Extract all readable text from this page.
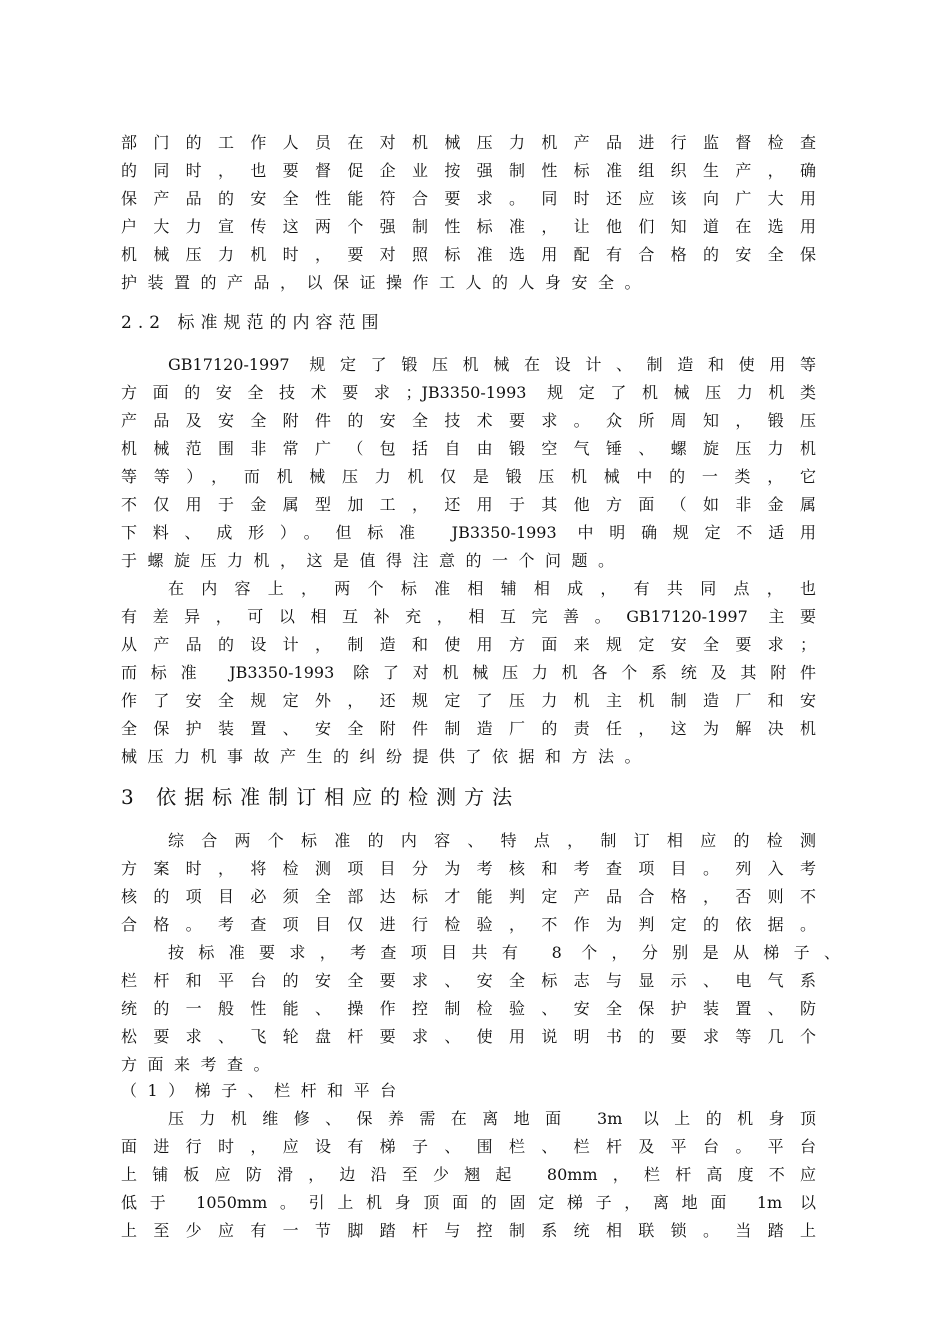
部门的工作人员在对机械压力机产品进行监督检查
的同时，也要督促企业按强制性标准组织生产，确
保产品的安全性能符合要求。同时还应该向广大用
户大力宣传这两个强制性标准，让他们知道在选用
机械压力机时，要对照标准选用配有合格的安全保
护装置的产品，以保证操作工人的人身安全。
2.2 标准规范的内容范围
GB17120-1997 规定了锻压机械在设计、制造和使用等
方面的安全技术要求；JB3350-1993 规定了机械压力机类
产品及安全附件的安全技术要求。众所周知，锻压
机械范围非常广（包括自由锻空气锤、螺旋压力机
等等），而机械压力机仅是锻压机械中的一类，它
不仅用于金属型加工，还用于其他方面（如非金属
下料、成形）。但标准 JB3350-1993 中明确规定不适用
于螺旋压力机，这是值得注意的一个问题。
在内容上，两个标准相辅相成，有共同点，也
有差异，可以相互补充，相互完善。GB17120-1997 主要
从产品的设计，制造和使用方面来规定安全要求；
而标准 JB3350-1993 除了对机械压力机各个系统及其附件
作了安全规定外，还规定了压力机主机制造厂和安
全保护装置、安全附件制造厂的责任，这为解决机
械压力机事故产生的纠纷提供了依据和方法。
3 依据标准制订相应的检测方法
综合两个标准的内容、特点，制订相应的检测
方案时，将检测项目分为考核和考查项目。列入考
核的项目必须全部达标才能判定产品合格，否则不
合格。考查项目仅进行检验，不作为判定的依据。
按标准要求，考查项目共有 8 个，分别是从梯子、
栏杆和平台的安全要求、安全标志与显示、电气系
统的一般性能、操作控制检验、安全保护装置、防
松要求、飞轮盘杆要求、使用说明书的要求等几个
方面来考查。
（1）梯子、栏杆和平台
压力机维修、保养需在离地面 3m 以上的机身顶
面进行时，应设有梯子、围栏、栏杆及平台。平台
上铺板应防滑，边沿至少翘起 80mm，栏杆高度不应
低于 1050mm。引上机身顶面的固定梯子，离地面 1m 以
上至少应有一节脚踏杆与控制系统相联锁。当踏上
